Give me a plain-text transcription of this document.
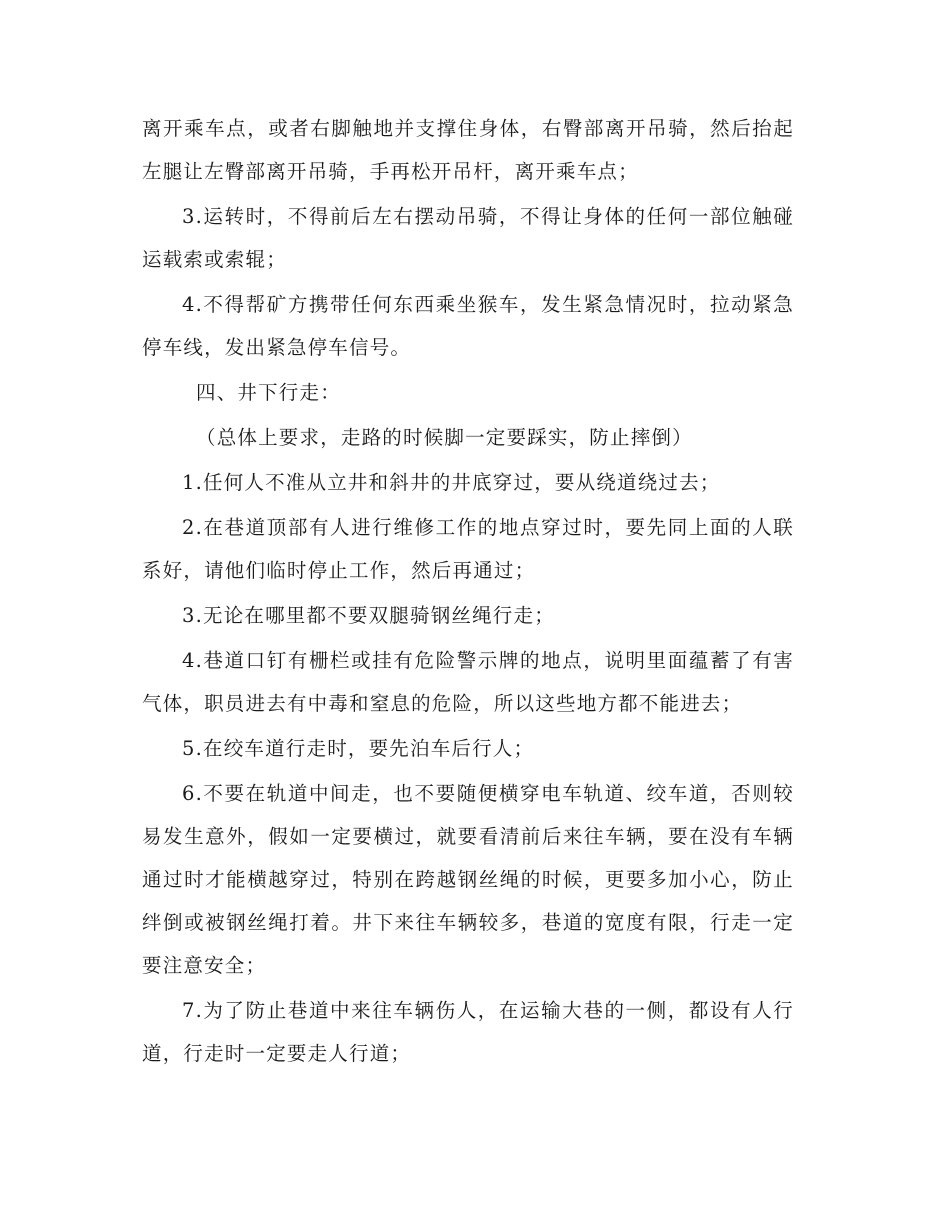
离开乘车点，或者右脚触地并支撑住身体，右臀部离开吊骑，然后抬起左腿让左臀部离开吊骑，手再松开吊杆，离开乘车点；

3.运转时，不得前后左右摆动吊骑，不得让身体的任何一部位触碰运载索或索辊；

4.不得帮矿方携带任何东西乘坐猴车，发生紧急情况时，拉动紧急停车线，发出紧急停车信号。

四、井下行走：

（总体上要求，走路的时候脚一定要踩实，防止摔倒）

1.任何人不准从立井和斜井的井底穿过，要从绕道绕过去；

2.在巷道顶部有人进行维修工作的地点穿过时，要先同上面的人联系好，请他们临时停止工作，然后再通过；

3.无论在哪里都不要双腿骑钢丝绳行走；

4.巷道口钉有栅栏或挂有危险警示牌的地点，说明里面蕴蓄了有害气体，职员进去有中毒和窒息的危险，所以这些地方都不能进去；

5.在绞车道行走时，要先泊车后行人；

6.不要在轨道中间走，也不要随便横穿电车轨道、绞车道，否则较易发生意外，假如一定要横过，就要看清前后来往车辆，要在没有车辆通过时才能横越穿过，特别在跨越钢丝绳的时候，更要多加小心，防止绊倒或被钢丝绳打着。井下来往车辆较多，巷道的宽度有限，行走一定要注意安全；

7.为了防止巷道中来往车辆伤人，在运输大巷的一侧，都设有人行道，行走时一定要走人行道；
